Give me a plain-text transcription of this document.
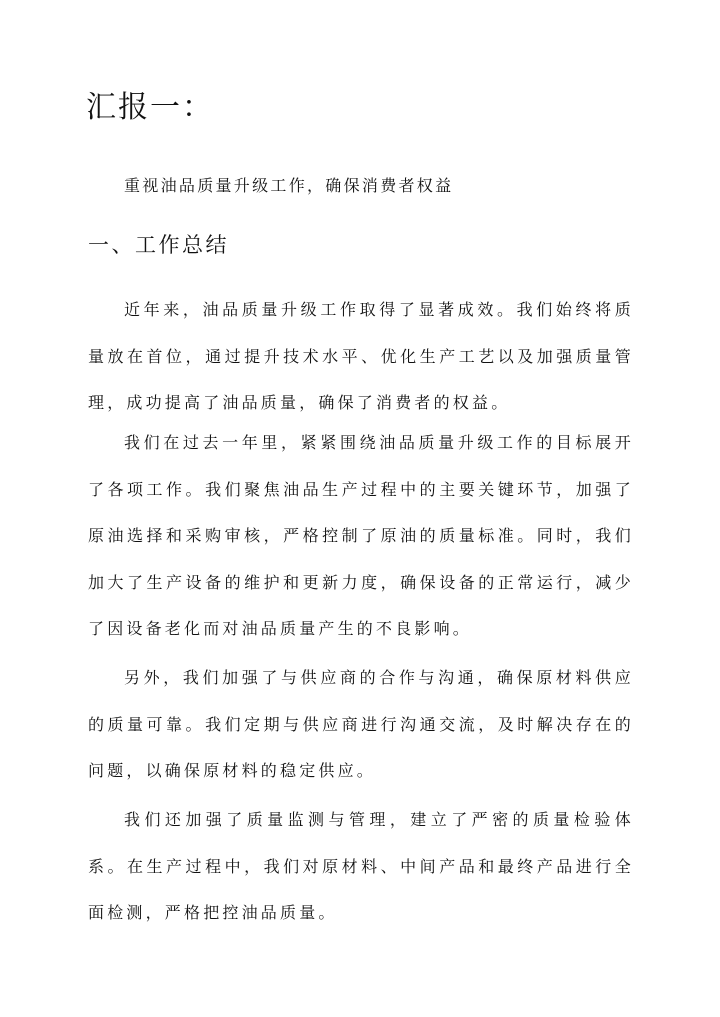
汇报一：

重视油品质量升级工作，确保消费者权益

一、工作总结

近年来，油品质量升级工作取得了显著成效。我们始终将质量放在首位，通过提升技术水平、优化生产工艺以及加强质量管理，成功提高了油品质量，确保了消费者的权益。

我们在过去一年里，紧紧围绕油品质量升级工作的目标展开了各项工作。我们聚焦油品生产过程中的主要关键环节，加强了原油选择和采购审核，严格控制了原油的质量标准。同时，我们加大了生产设备的维护和更新力度，确保设备的正常运行，减少了因设备老化而对油品质量产生的不良影响。

另外，我们加强了与供应商的合作与沟通，确保原材料供应的质量可靠。我们定期与供应商进行沟通交流，及时解决存在的问题，以确保原材料的稳定供应。

我们还加强了质量监测与管理，建立了严密的质量检验体系。在生产过程中，我们对原材料、中间产品和最终产品进行全面检测，严格把控油品质量。
